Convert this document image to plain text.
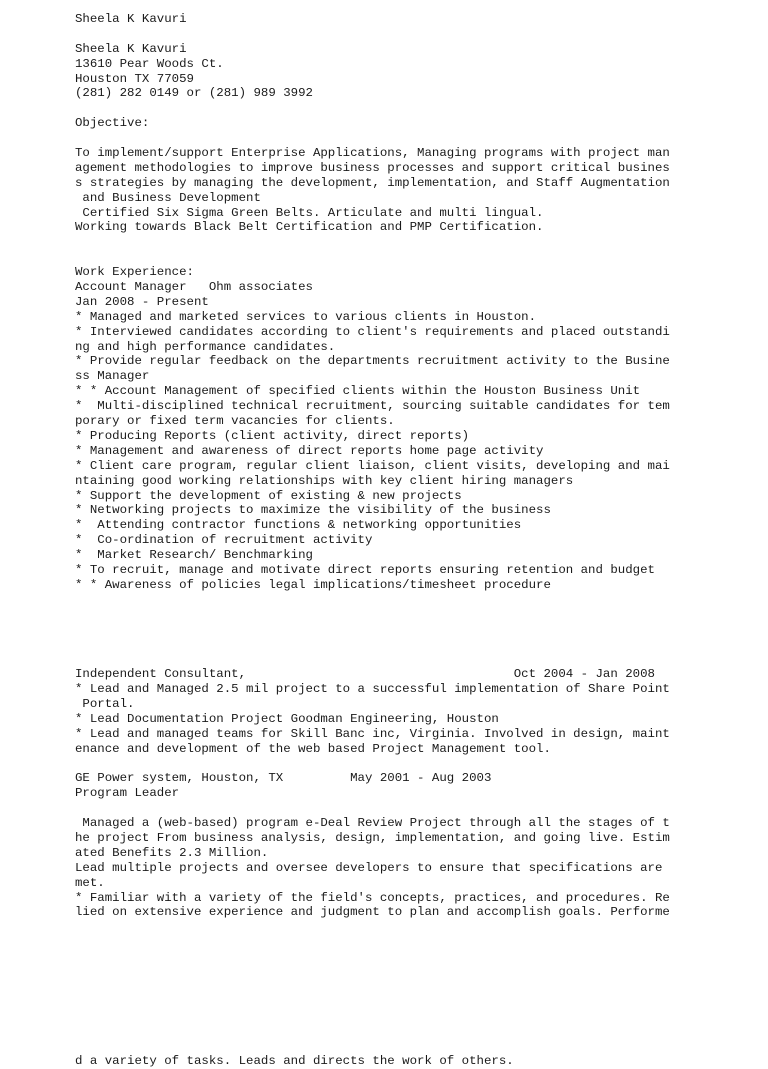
Sheela K Kavuri
Sheela K Kavuri
13610 Pear Woods Ct.
Houston TX 77059
(281) 282 0149 or (281) 989 3992
Objective:
To implement/support Enterprise Applications, Managing programs with project man
agement methodologies to improve business processes and support critical busines
s strategies by managing the development, implementation, and Staff Augmentation
and Business Development
Certified Six Sigma Green Belts. Articulate and multi lingual.
Working towards Black Belt Certification and PMP Certification.
Work Experience:
Account Manager   Ohm associates
Jan 2008 - Present
* Managed and marketed services to various clients in Houston.
* Interviewed candidates according to client's requirements and placed outstandi
ng and high performance candidates.
* Provide regular feedback on the departments recruitment activity to the Busine
ss Manager
* * Account Management of specified clients within the Houston Business Unit
*  Multi-disciplined technical recruitment, sourcing suitable candidates for tem
porary or fixed term vacancies for clients.
* Producing Reports (client activity, direct reports)
* Management and awareness of direct reports home page activity
* Client care program, regular client liaison, client visits, developing and mai
ntaining good working relationships with key client hiring managers
* Support the development of existing & new projects
* Networking projects to maximize the visibility of the business
*  Attending contractor functions & networking opportunities
*  Co-ordination of recruitment activity
*  Market Research/ Benchmarking
* To recruit, manage and motivate direct reports ensuring retention and budget
* * Awareness of policies legal implications/timesheet procedure
Independent Consultant,                                    Oct 2004 - Jan 2008
* Lead and Managed 2.5 mil project to a successful implementation of Share Point
Portal.
* Lead Documentation Project Goodman Engineering, Houston
* Lead and managed teams for Skill Banc inc, Virginia. Involved in design, maint
enance and development of the web based Project Management tool.
GE Power system, Houston, TX         May 2001 - Aug 2003
Program Leader
Managed a (web-based) program e-Deal Review Project through all the stages of t
he project From business analysis, design, implementation, and going live. Estim
ated Benefits 2.3 Million.
Lead multiple projects and oversee developers to ensure that specifications are
met.
* Familiar with a variety of the field's concepts, practices, and procedures. Re
lied on extensive experience and judgment to plan and accomplish goals. Performe
d a variety of tasks. Leads and directs the work of others.
